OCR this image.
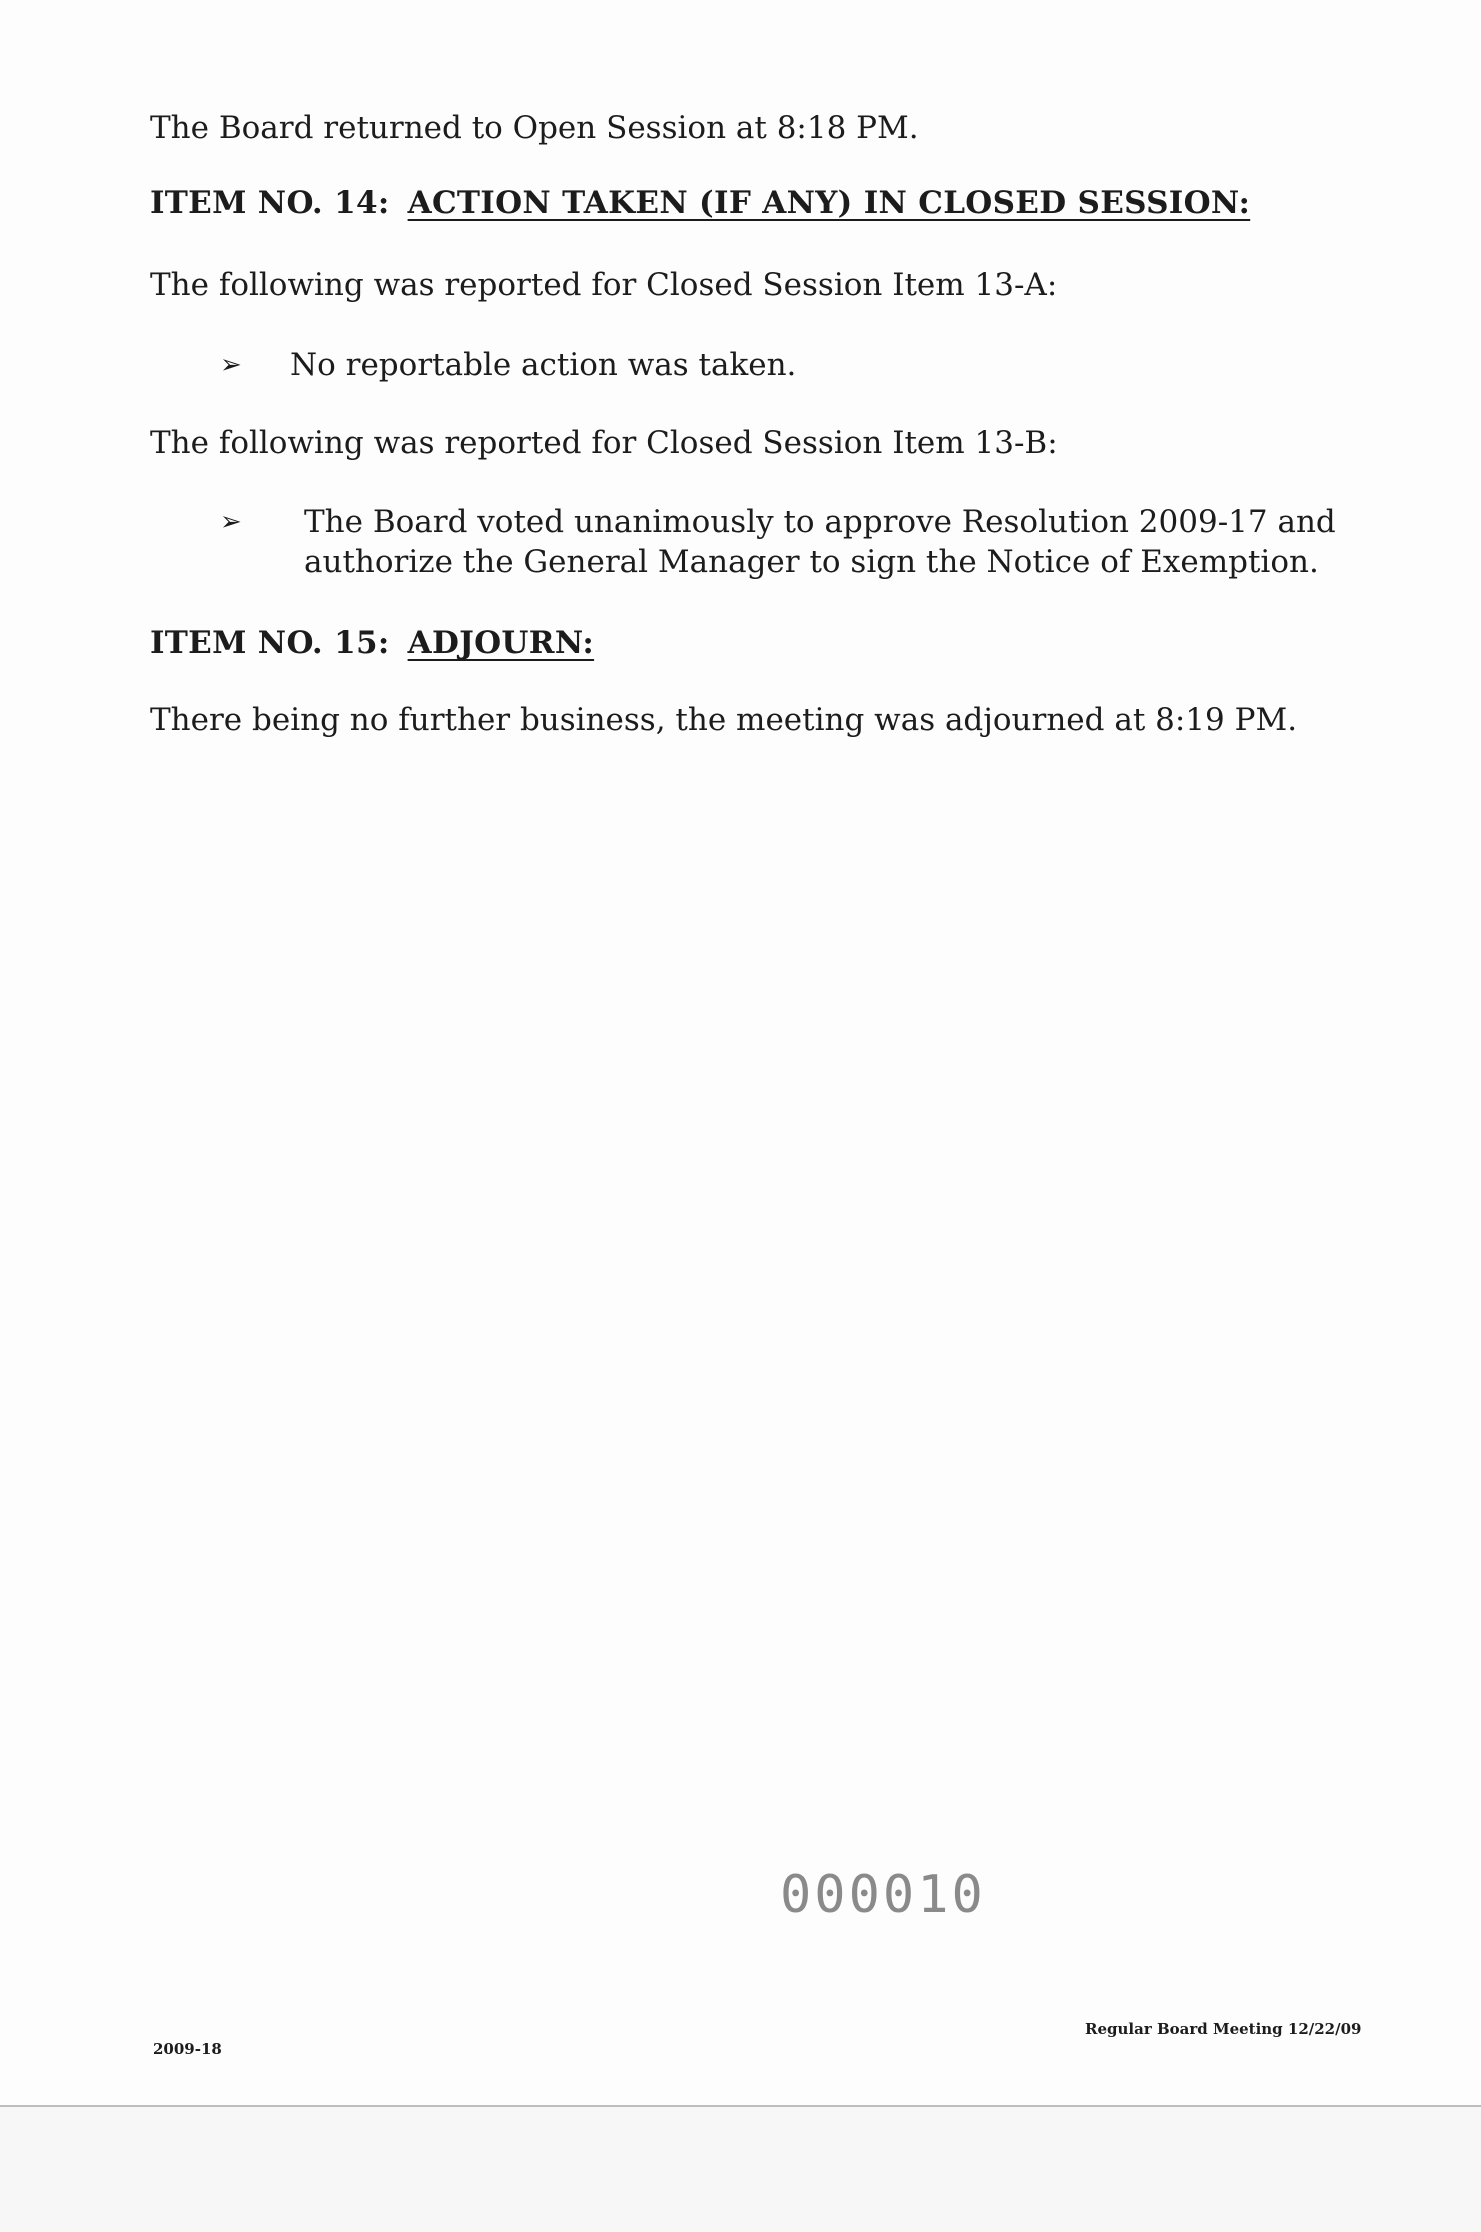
The Board returned to Open Session at 8:18 PM.
ITEM NO. 14: ACTION TAKEN (IF ANY) IN CLOSED SESSION:
The following was reported for Closed Session Item 13-A:
➢	No reportable action was taken.
The following was reported for Closed Session Item 13-B:
➢	The Board voted unanimously to approve Resolution 2009-17 and
authorize the General Manager to sign the Notice of Exemption.
ITEM NO. 15: ADJOURN:
There being no further business, the meeting was adjourned at 8:19 PM.
000010
2009-18
Regular Board Meeting 12/22/09
